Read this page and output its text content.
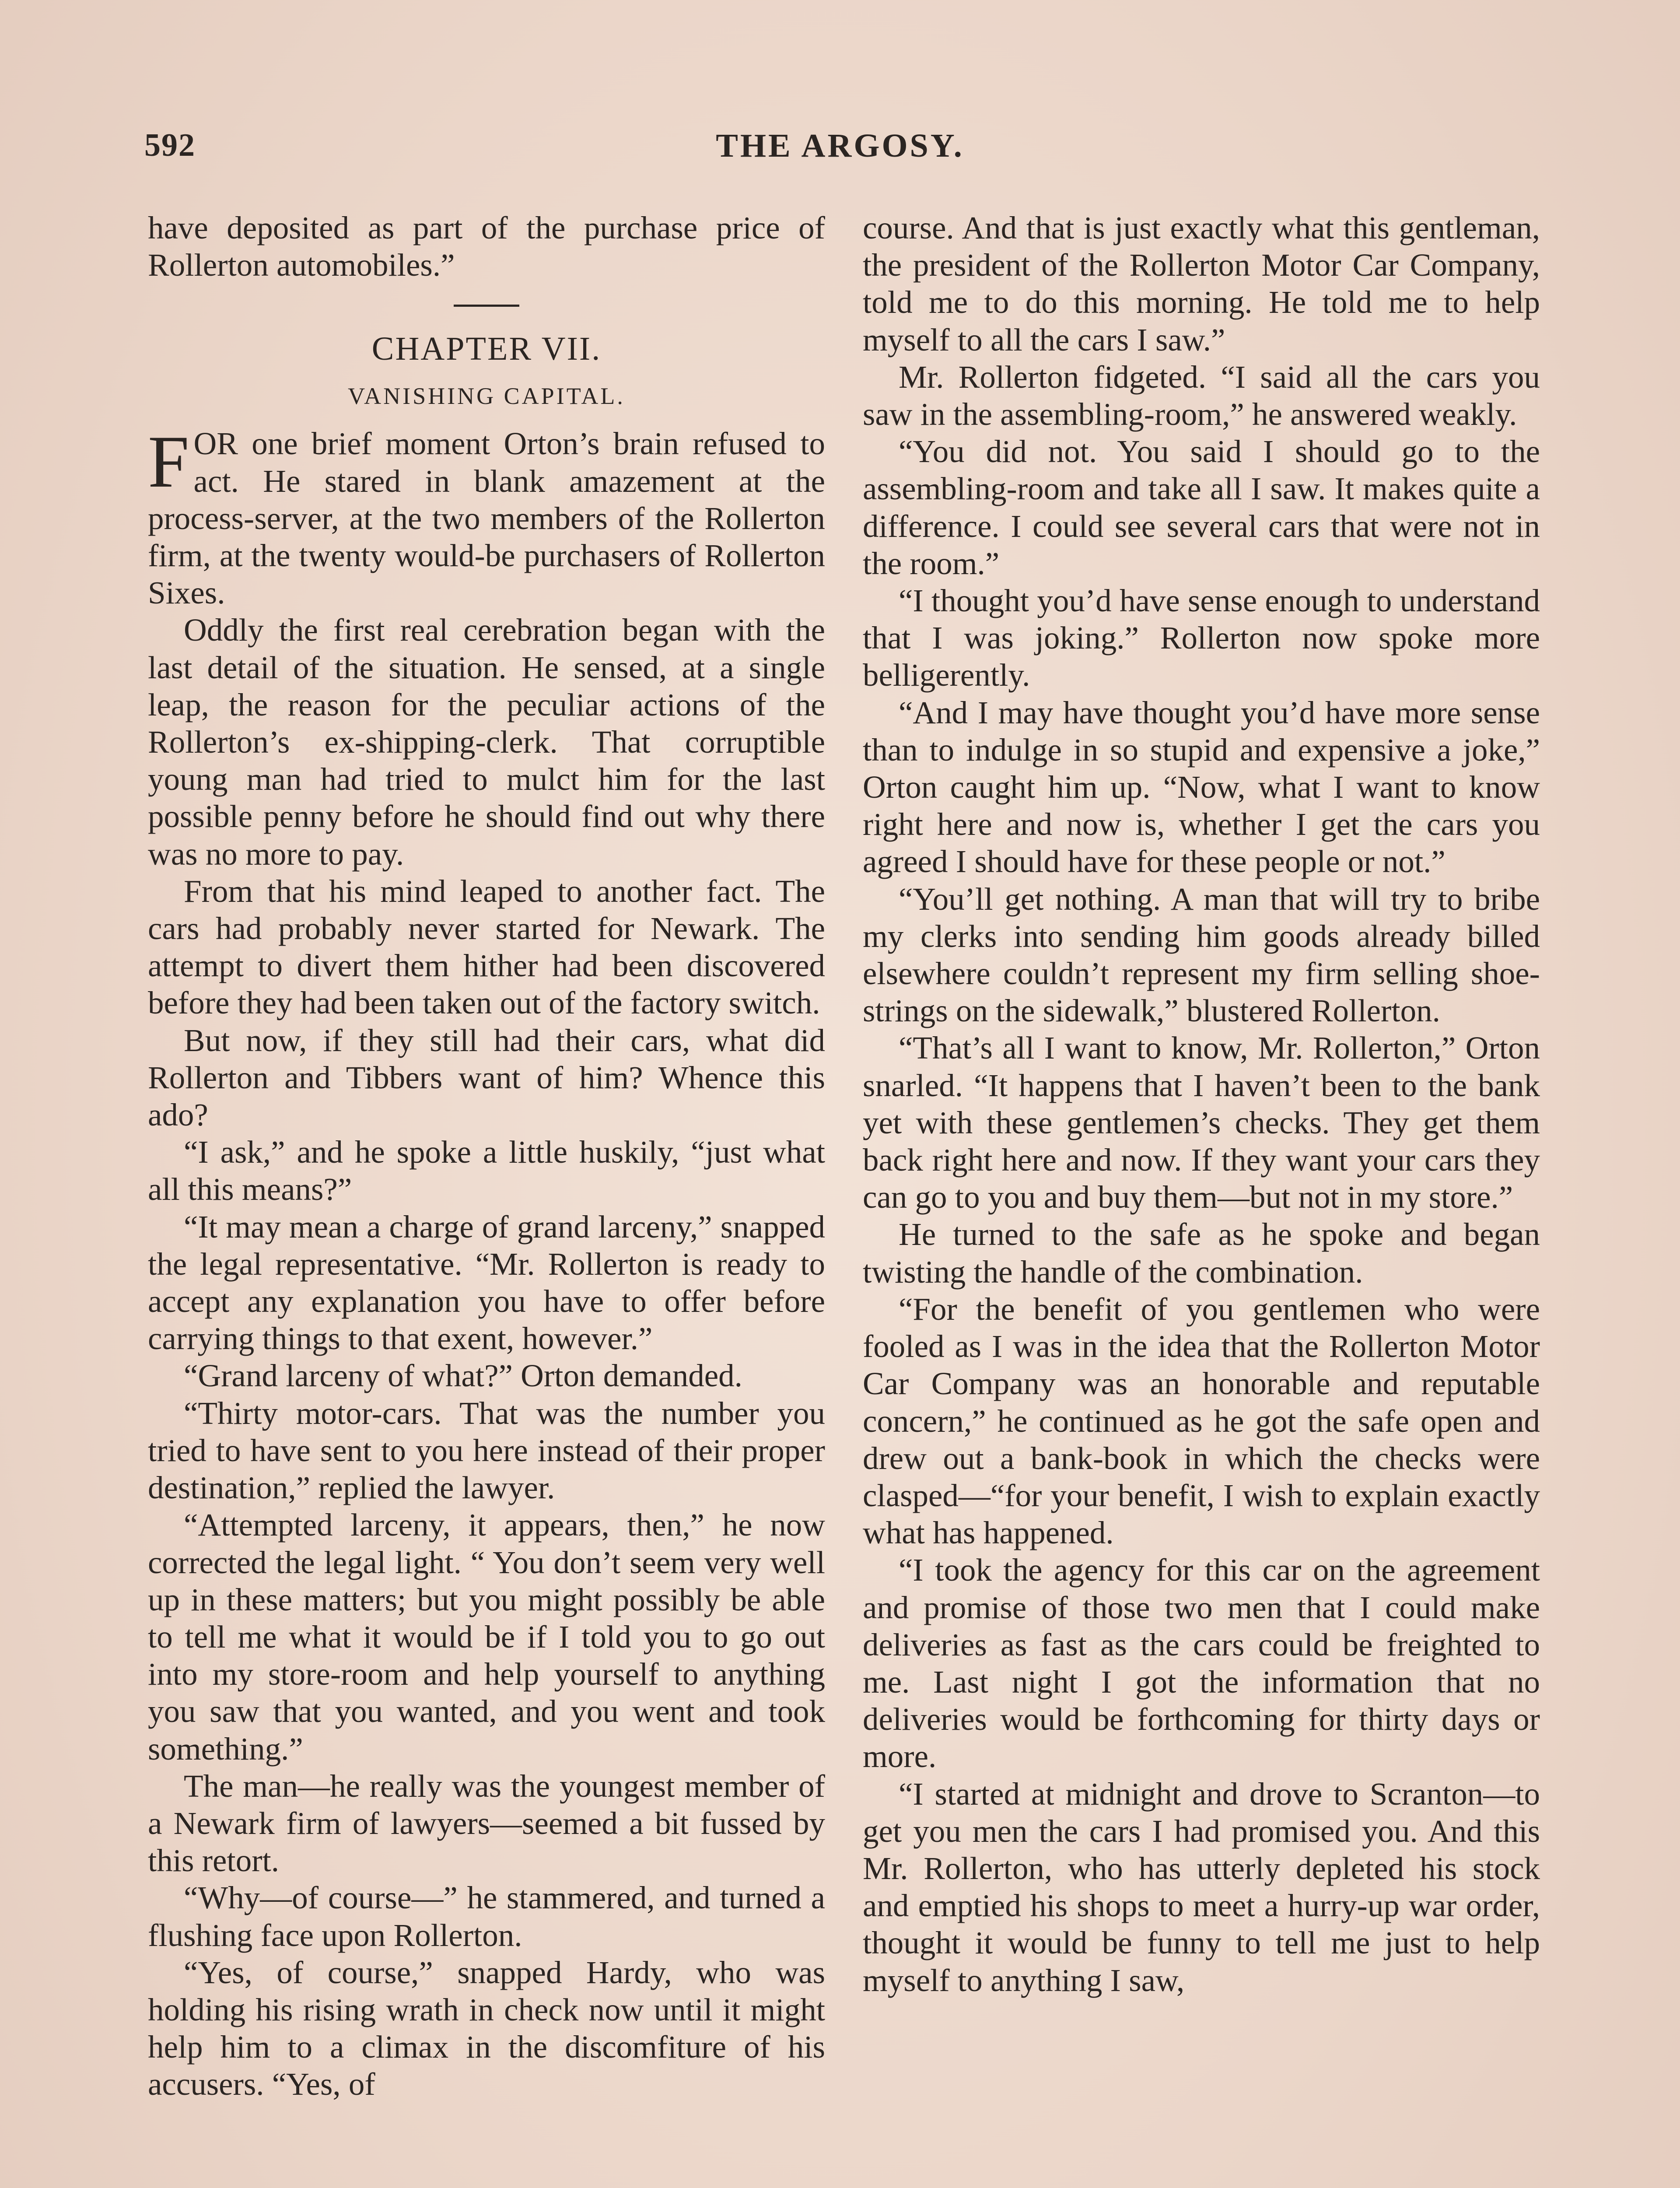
592	THE ARGOSY.

have deposited as part of the purchase price of Rollerton automobiles.”

CHAPTER VII.
VANISHING CAPITAL.

FOR one brief moment Orton’s brain refused to act. He stared in blank amazement at the process-server, at the two members of the Rollerton firm, at the twenty would-be purchasers of Rollerton Sixes.

Oddly the first real cerebration began with the last detail of the situation. He sensed, at a single leap, the reason for the peculiar actions of the Rollerton’s ex-shipping-clerk. That corruptible young man had tried to mulct him for the last possible penny before he should find out why there was no more to pay.

From that his mind leaped to another fact. The cars had probably never started for Newark. The attempt to divert them hither had been discovered before they had been taken out of the factory switch.

But now, if they still had their cars, what did Rollerton and Tibbers want of him? Whence this ado?

“I ask,” and he spoke a little huskily, “just what all this means?”

“It may mean a charge of grand larceny,” snapped the legal representative. “Mr. Rollerton is ready to accept any explanation you have to offer before carrying things to that exent, however.”

“Grand larceny of what?” Orton demanded.

“Thirty motor-cars. That was the number you tried to have sent to you here instead of their proper destination,” replied the lawyer.

“Attempted larceny, it appears, then,” he now corrected the legal light. “ You don’t seem very well up in these matters; but you might possibly be able to tell me what it would be if I told you to go out into my store-room and help yourself to anything you saw that you wanted, and you went and took something.”

The man—he really was the youngest member of a Newark firm of lawyers—seemed a bit fussed by this retort.

“Why—of course—” he stammered, and turned a flushing face upon Rollerton.

“Yes, of course,” snapped Hardy, who was holding his rising wrath in check now until it might help him to a climax in the discomfiture of his accusers. “Yes, of

course. And that is just exactly what this gentleman, the president of the Rollerton Motor Car Company, told me to do this morning. He told me to help myself to all the cars I saw.”

Mr. Rollerton fidgeted. “I said all the cars you saw in the assembling-room,” he answered weakly.

“You did not. You said I should go to the assembling-room and take all I saw. It makes quite a difference. I could see several cars that were not in the room.”

“I thought you’d have sense enough to understand that I was joking.” Rollerton now spoke more belligerently.

“And I may have thought you’d have more sense than to indulge in so stupid and expensive a joke,” Orton caught him up. “Now, what I want to know right here and now is, whether I get the cars you agreed I should have for these people or not.”

“You’ll get nothing. A man that will try to bribe my clerks into sending him goods already billed elsewhere couldn’t represent my firm selling shoe-strings on the sidewalk,” blustered Rollerton.

“That’s all I want to know, Mr. Rollerton,” Orton snarled. “It happens that I haven’t been to the bank yet with these gentlemen’s checks. They get them back right here and now. If they want your cars they can go to you and buy them—but not in my store.”

He turned to the safe as he spoke and began twisting the handle of the combination.

“For the benefit of you gentlemen who were fooled as I was in the idea that the Rollerton Motor Car Company was an honorable and reputable concern,” he continued as he got the safe open and drew out a bank-book in which the checks were clasped—“for your benefit, I wish to explain exactly what has happened.

“I took the agency for this car on the agreement and promise of those two men that I could make deliveries as fast as the cars could be freighted to me. Last night I got the information that no deliveries would be forthcoming for thirty days or more.

“I started at midnight and drove to Scranton—to get you men the cars I had promised you. And this Mr. Rollerton, who has utterly depleted his stock and emptied his shops to meet a hurry-up war order, thought it would be funny to tell me just to help myself to anything I saw,
